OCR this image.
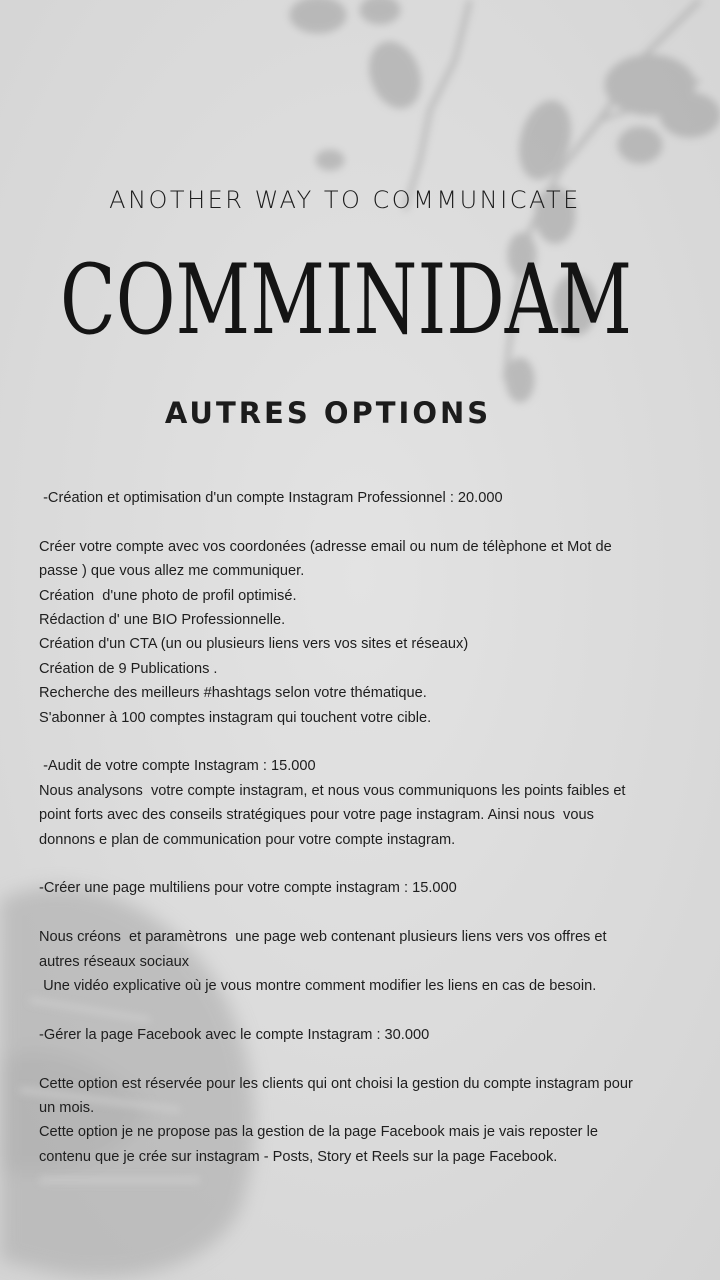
ANOTHER WAY TO COMMUNICATE
COMMINIDAM
AUTRES OPTIONS
-Création et optimisation d'un compte Instagram Professionnel : 20.000
Créer votre compte avec vos coordonées (adresse email ou num de télèphone et Mot de
passe ) que vous allez me communiquer.
Création  d'une photo de profil optimisé.
Rédaction d' une BIO Professionnelle.
Création d'un CTA (un ou plusieurs liens vers vos sites et réseaux)
Création de 9 Publications .
Recherche des meilleurs #hashtags selon votre thématique.
S'abonner à 100 comptes instagram qui touchent votre cible.
-Audit de votre compte Instagram : 15.000
Nous analysons  votre compte instagram, et nous vous communiquons les points faibles et
point forts avec des conseils stratégiques pour votre page instagram. Ainsi nous  vous
donnons e plan de communication pour votre compte instagram.
-Créer une page multiliens pour votre compte instagram : 15.000
Nous créons  et paramètrons  une page web contenant plusieurs liens vers vos offres et
autres réseaux sociaux
Une vidéo explicative où je vous montre comment modifier les liens en cas de besoin.
-Gérer la page Facebook avec le compte Instagram : 30.000
Cette option est réservée pour les clients qui ont choisi la gestion du compte instagram pour
un mois.
Cette option je ne propose pas la gestion de la page Facebook mais je vais reposter le
contenu que je crée sur instagram - Posts, Story et Reels sur la page Facebook.
